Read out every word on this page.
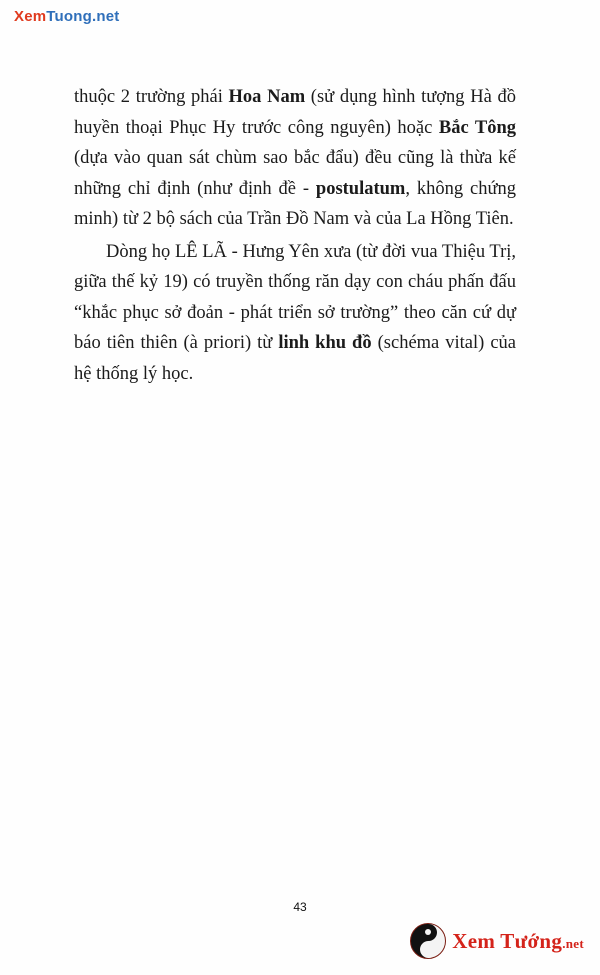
XemTuong.net

thuộc 2 trường phái Hoa Nam (sử dụng hình tượng Hà đồ huyền thoại Phục Hy trước công nguyên) hoặc Bắc Tông (dựa vào quan sát chùm sao bắc đẩu) đều cũng là thừa kế những chỉ định (như định đề - postulatum, không chứng minh) từ 2 bộ sách của Trần Đồ Nam và của La Hồng Tiên.

Dòng họ LÊ LÃ - Hưng Yên xưa (từ đời vua Thiệu Trị, giữa thế kỷ 19) có truyền thống răn dạy con cháu phấn đấu “khắc phục sở đoản - phát triển sở trường” theo căn cứ dự báo tiên thiên (à priori) từ linh khu đồ (schéma vital) của hệ thống lý học.

43
Xem Tướng.net
